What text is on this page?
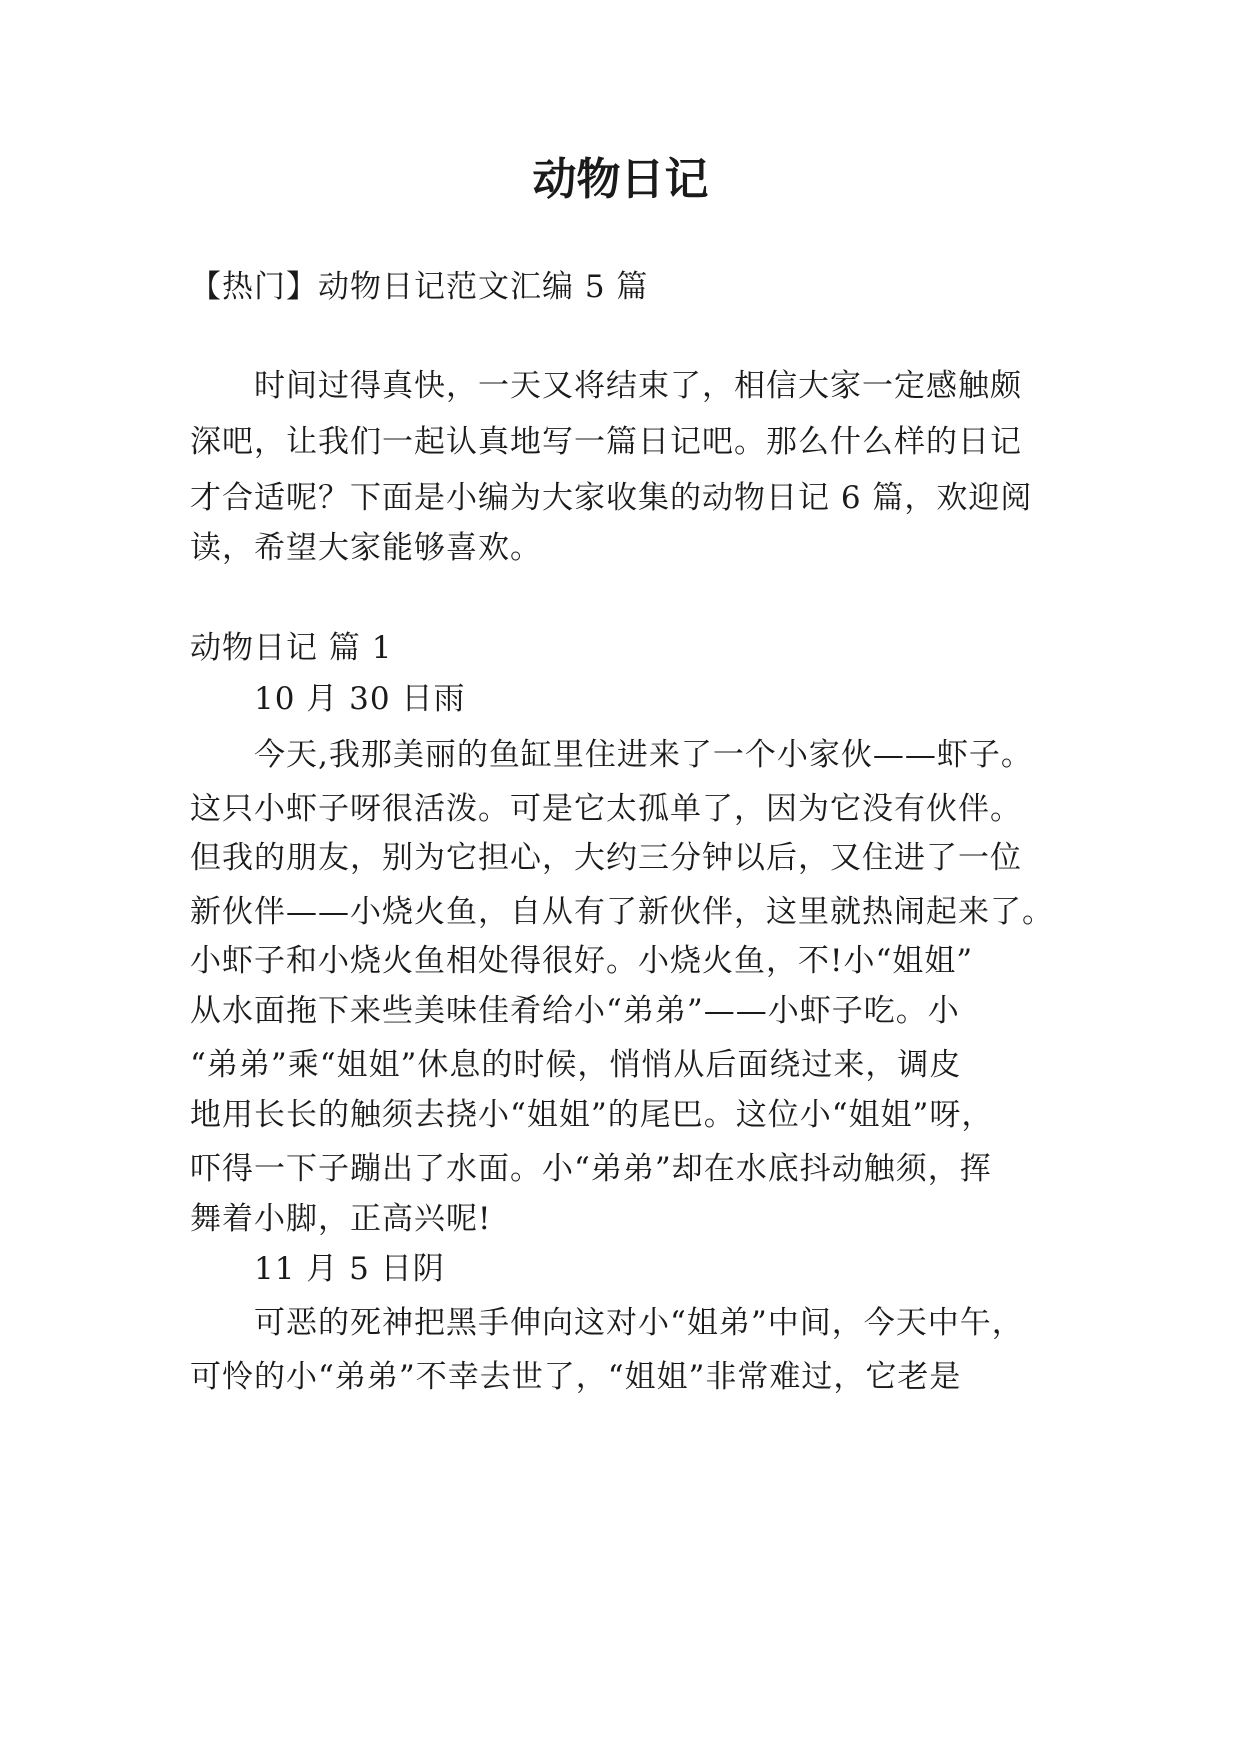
动物日记

【热门】动物日记范文汇编 5 篇

时间过得真快，一天又将结束了，相信大家一定感触颇

深吧，让我们一起认真地写一篇日记吧。那么什么样的日记

才合适呢？下面是小编为大家收集的动物日记 6 篇，欢迎阅

读，希望大家能够喜欢。

动物日记 篇 1

10 月 30 日雨

今天,我那美丽的鱼缸里住进来了一个小家伙——虾子。

这只小虾子呀很活泼。可是它太孤单了，因为它没有伙伴。

但我的朋友，别为它担心，大约三分钟以后，又住进了一位

新伙伴——小烧火鱼，自从有了新伙伴，这里就热闹起来了。

小虾子和小烧火鱼相处得很好。小烧火鱼，不!小“姐姐”

从水面拖下来些美味佳肴给小“弟弟”——小虾子吃。小

“弟弟”乘“姐姐”休息的时候，悄悄从后面绕过来，调皮

地用长长的触须去挠小“姐姐”的尾巴。这位小“姐姐”呀，

吓得一下子蹦出了水面。小“弟弟”却在水底抖动触须，挥

舞着小脚，正高兴呢!

11 月 5 日阴

可恶的死神把黑手伸向这对小“姐弟”中间，今天中午，

可怜的小“弟弟”不幸去世了，“姐姐”非常难过，它老是
